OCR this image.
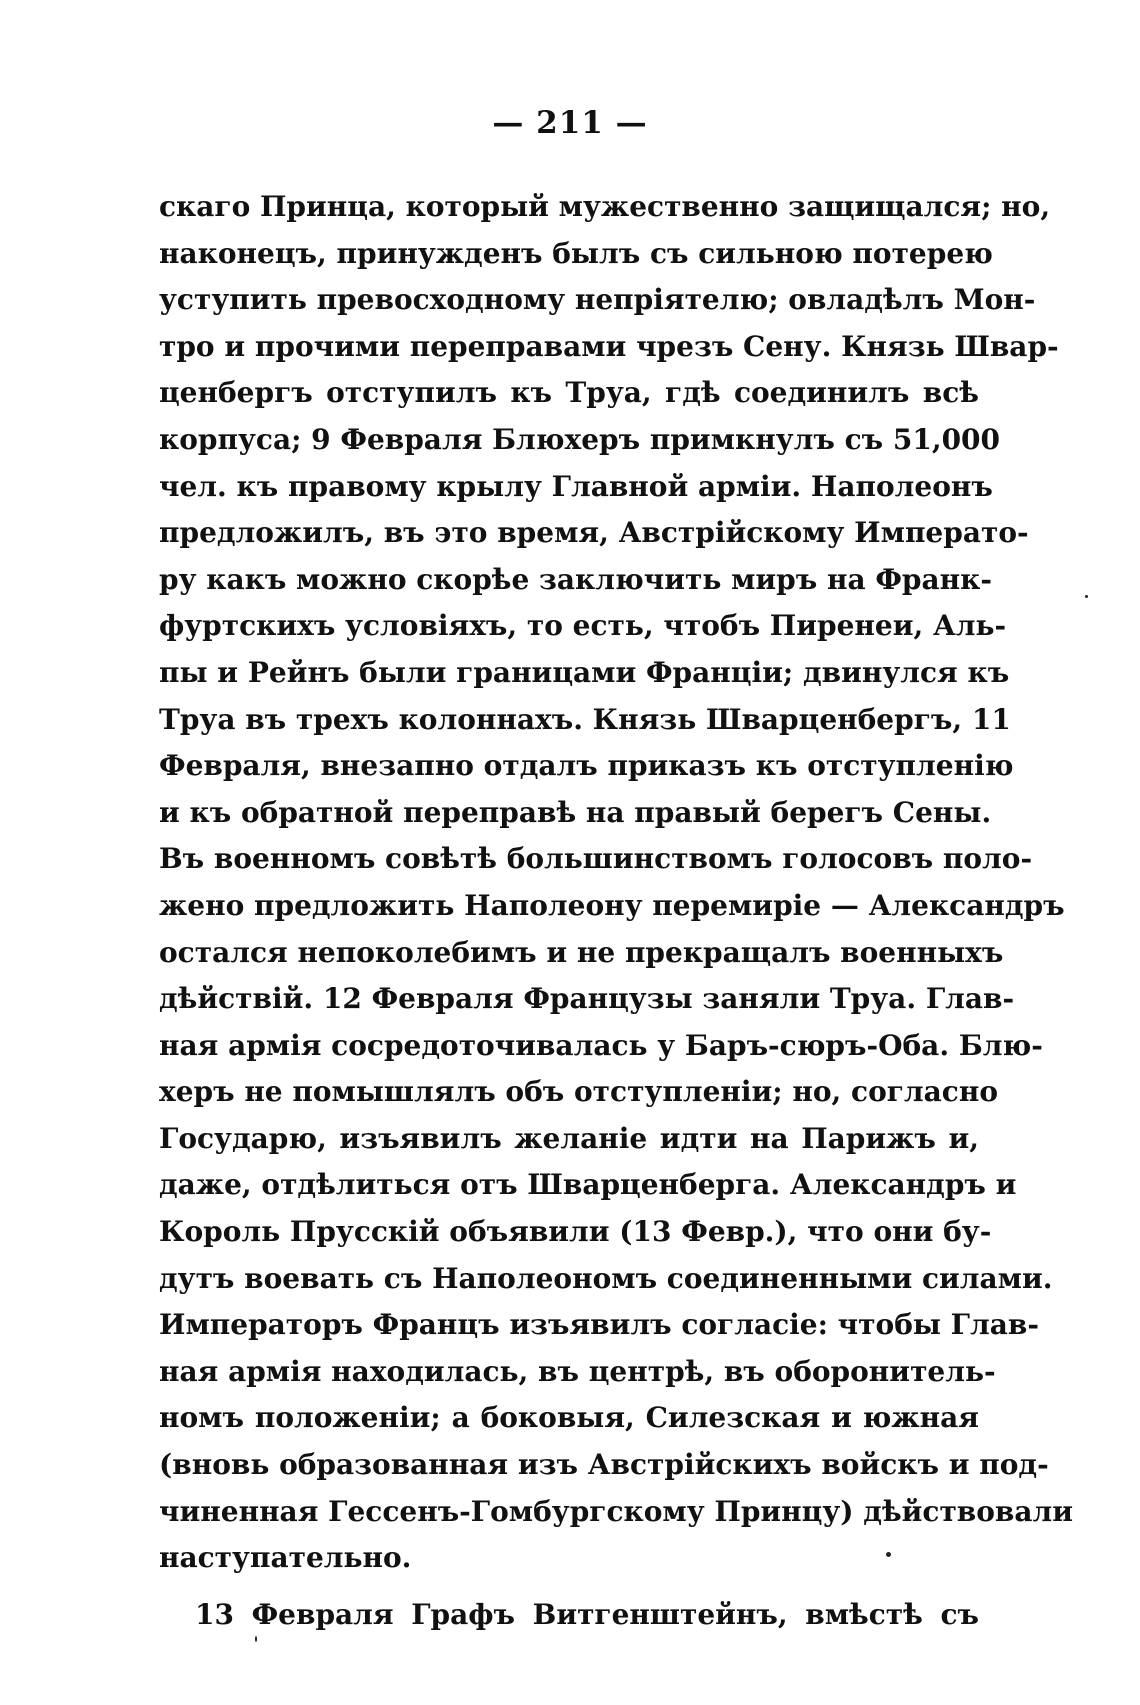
— 211 —
скаго Принца, который мужественно защищался; но,
наконецъ, принужденъ былъ съ сильною потерею
уступить превосходному непріятелю; овладѣлъ Мон-
тро и прочими переправами чрезъ Сену. Князь Швар-
ценбергъ отступилъ къ Труа, гдѣ соединилъ всѣ
корпуса; 9 Февраля Блюхеръ примкнулъ съ 51,000
чел. къ правому крылу Главной арміи. Наполеонъ
предложилъ, въ это время, Австрійскому Императо-
ру какъ можно скорѣе заключить миръ на Франк-
фуртскихъ условіяхъ, то есть, чтобъ Пиренеи, Аль-
пы и Рейнъ были границами Франціи; двинулся къ
Труа въ трехъ колоннахъ. Князь Шварценбергъ, 11
Февраля, внезапно отдалъ приказъ къ отступленію
и къ обратной переправѣ на правый берегъ Сены.
Въ военномъ совѣтѣ большинствомъ голосовъ поло-
жено предложить Наполеону перемиріе — Александръ
остался непоколебимъ и не прекращалъ военныхъ
дѣйствій. 12 Февраля Французы заняли Труа. Глав-
ная армія сосредоточивалась у Баръ-сюръ-Оба. Блю-
херъ не помышлялъ объ отступленіи; но, согласно
Государю, изъявилъ желаніе идти на Парижъ и,
даже, отдѣлиться отъ Шварценберга. Александръ и
Король Прусскій объявили (13 Февр.), что они бу-
дутъ воевать съ Наполеономъ соединенными силами.
Императоръ Францъ изъявилъ согласіе: чтобы Глав-
ная армія находилась, въ центрѣ, въ оборонитель-
номъ положеніи; а боковыя, Силезская и южная
(вновь образованная изъ Австрійскихъ войскъ и под-
чиненная Гессенъ-Гомбургскому Принцу) дѣйствовали
наступательно.
13 Февраля Графъ Витгенштейнъ, вмѣстѣ съ
